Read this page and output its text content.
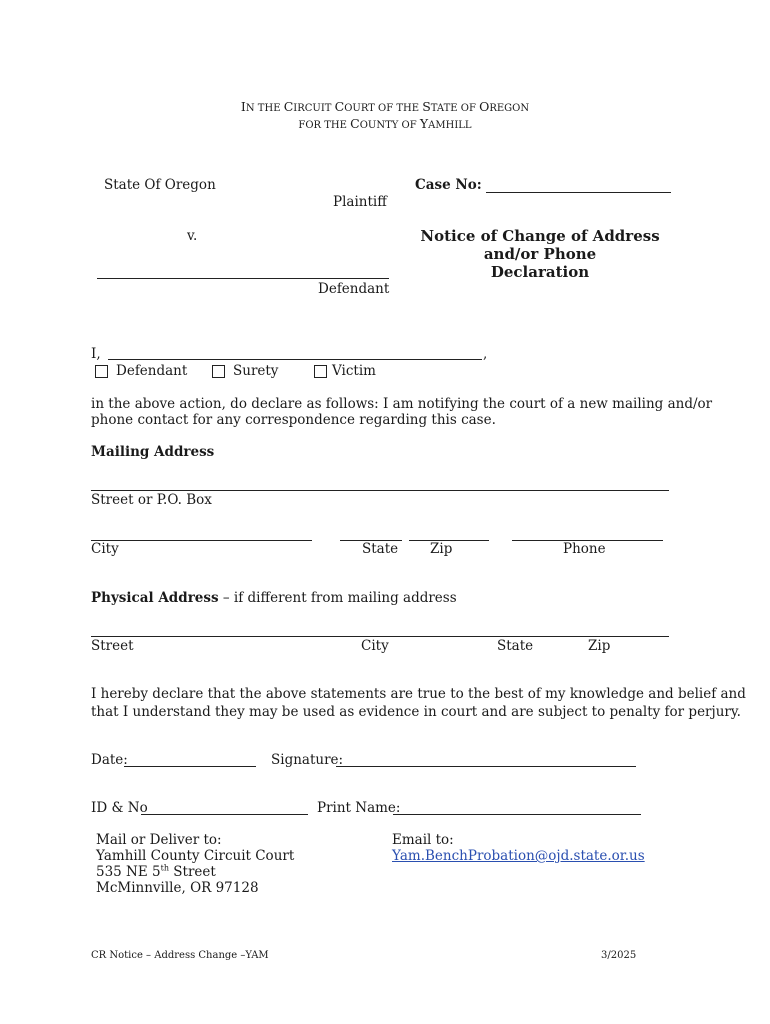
IN THE CIRCUIT COURT OF THE STATE OF OREGON
FOR THE COUNTY OF YAMHILL
State Of Oregon
Plaintiff
v.
Defendant
Case No:
Notice of Change of Address
and/or Phone
Declaration
I,	,
Defendant	Surety	Victim
in the above action, do declare as follows: I am notifying the court of a new mailing and/or
phone contact for any correspondence regarding this case.
Mailing Address
Street or P.O. Box
City	State Zip	Phone
Physical Address – if different from mailing address
Street	City	State	Zip
I hereby declare that the above statements are true to the best of my knowledge and belief and
that I understand they may be used as evidence in court and are subject to penalty for perjury.
Date:	Signature:
ID & No	Print Name:
Mail or Deliver to:
Yamhill County Circuit Court
535 NE 5th Street
McMinnville, OR 97128
Email to:
Yam.BenchProbation@ojd.state.or.us
CR Notice – Address Change –YAM	3/2025
